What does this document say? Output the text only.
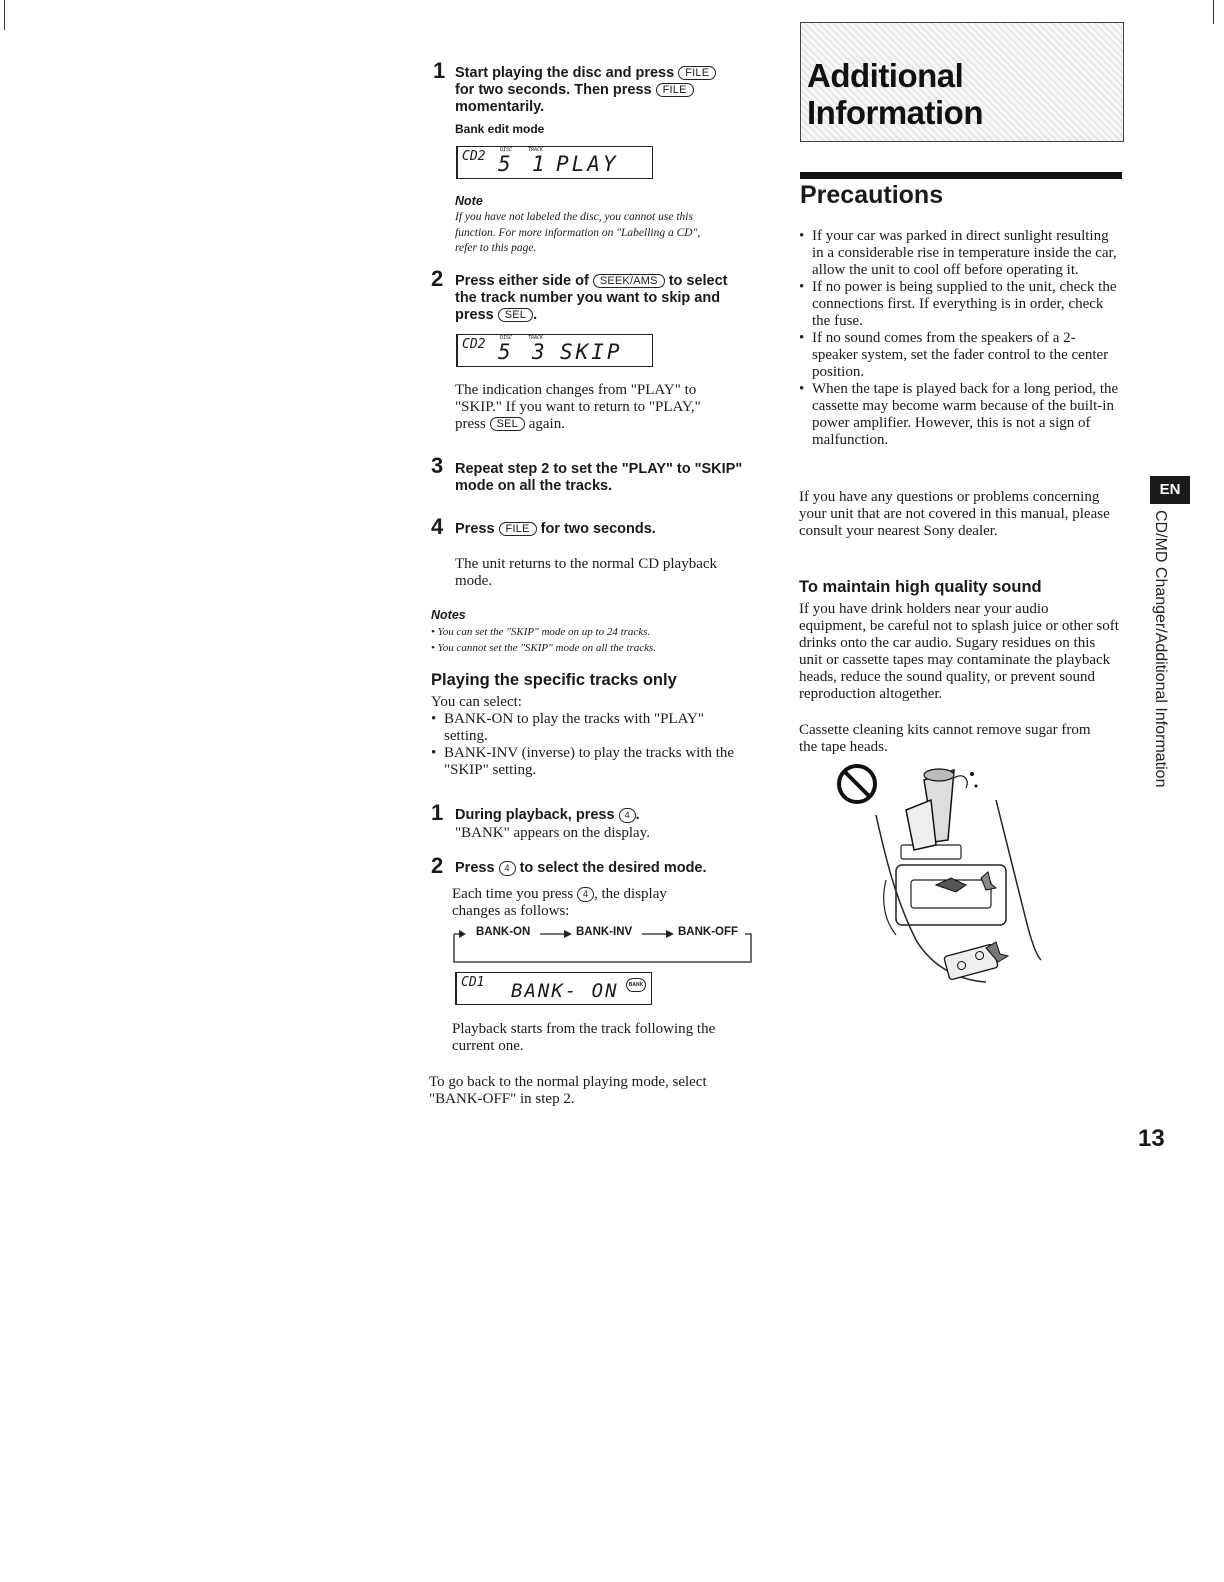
1 Start playing the disc and press FILE
for two seconds. Then press FILE
momentarily.
Bank edit mode
CD2	DISC	TRACK
5 1 PLAY
Note
If you have not labeled the disc, you cannot use this
function. For more information on "Labelling a CD",
refer to this page.
2 Press either side of SEEK/AMS to select
the track number you want to skip and
press SEL .
CD2	DISC	TRACK
5 3 SKIP
The indication changes from "PLAY" to
"SKIP." If you want to return to "PLAY,"
press SEL again.
3 Repeat step 2 to set the "PLAY" to "SKIP"
mode on all the tracks.
4 Press FILE for two seconds.
The unit returns to the normal CD playback
mode.
Notes
• You can set the "SKIP" mode on up to 24 tracks.
• You cannot set the "SKIP" mode on all the tracks.
Playing the specific tracks only
You can select:
• BANK-ON to play the tracks with "PLAY" setting.
• BANK-INV (inverse) to play the tracks with the "SKIP" setting.
1 During playback, press 4 .
"BANK" appears on the display.
2 Press 4 to select the desired mode.
Each time you press 4 , the display
changes as follows:
BANK-ON	BANK-INV	BANK-OFF
CD1 BANK- ON	BANK
Playback starts from the track following the
current one.
To go back to the normal playing mode, select
"BANK-OFF" in step 2.
Additional
Information
Precautions
• If your car was parked in direct sunlight resulting in a considerable rise in temperature inside the car, allow the unit to cool off before operating it.
• If no power is being supplied to the unit, check the connections first. If everything is in order, check the fuse.
• If no sound comes from the speakers of a 2-speaker system, set the fader control to the center position.
• When the tape is played back for a long period, the cassette may become warm because of the built-in power amplifier. However, this is not a sign of malfunction.
If you have any questions or problems concerning your unit that are not covered in this manual, please consult your nearest Sony dealer.
To maintain high quality sound
If you have drink holders near your audio equipment, be careful not to splash juice or other soft drinks onto the car audio. Sugary residues on this unit or cassette tapes may contaminate the playback heads, reduce the sound quality, or prevent sound reproduction altogether.
Cassette cleaning kits cannot remove sugar from the tape heads.
EN
CD/MD Changer/Additional Information
13
